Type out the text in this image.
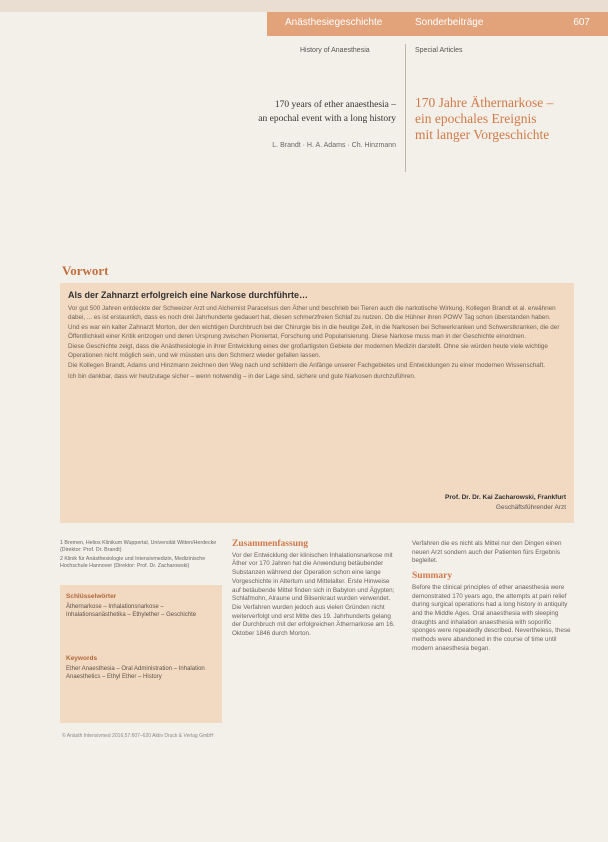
Anästhesiegeschichte	Sonderbeiträge	607
History of Anaesthesia	Special Articles
170 years of ether anaesthesia –
an epochal event with a long history
L. Brandt · H. A. Adams · Ch. Hinzmann
170 Jahre Äthernarkose –
ein epochales Ereignis
mit langer Vorgeschichte
Vorwort
Als der Zahnarzt erfolgreich eine Narkose durchführte…

Vor gut 500 Jahren entdeckte der Schweizer Arzt und Alchemist Paracelsus den Äther und beschrieb bei Tieren auch die narkotische Wirkung. Kollegen Brandt et al. erwähnen dabei, ... es ist erstaunlich, dass es noch drei Jahrhunderte gedauert hat, diesen schmerzfreien Schlaf zu nutzen. Ob die Hühner ihren POWV Tag schon überstanden haben.

Und es war ein kalter Zahnarzt Morton, der den wichtigen Durchbruch bei der Chirurgie bis in die heutige Zeit, in die Narkosen bei Schwerkranken und Schwerstkranken, die der Öffentlichkeit einer Kritik entzogen und deren Ursprung zwischen Pioniertat, Forschung und Popularisierung. Diese Narkose muss man in der Geschichte einordnen.

Diese Geschichte zeigt, dass die Anästhesiologie in ihrer Entwicklung eines der großartigsten Gebiete der modernen Medizin darstellt. Ohne sie würden heute viele wichtige Operationen nicht möglich sein, und wir müssten uns den Schmerz wieder gefallen lassen.

Die Kollegen Brandt, Adams und Hinzmann zeichnen den Weg nach und schildern die Anfänge unserer Fachgebietes und Entwicklungen zu einer modernen Wissenschaft.

Ich bin dankbar, dass wir heutzutage sicher – wenn notwendig – in der Lage sind, sichere und gute Narkosen durchzuführen.

Prof. Dr. Dr. Kai Zacharowski, Frankfurt
Geschäftsführender Arzt
1 Bremen, Helios Klinikum Wuppertal, Universität Witten/Herdecke (Direktor: Prof. Dr. Brandt)
2 Klinik für Anästhesiologie und Intensivmedizin, Medizinische Hochschule Hannover (Direktor: Prof. Dr. Zacharowski)
Schlüsselwörter
Äthernarkose – Inhalationsnarkose – Inhalationsanästhetika – Ethylether – Geschichte
Keywords
Ether Anaesthesia – Oral Administration – Inhalation Anaesthetics – Ethyl Ether – History
Zusammenfassung

Vor der Entwicklung der klinischen Inhalationsnarkose mit Äther vor 170 Jahren hat die Anwendung betäubender Substanzen während der Operation schon eine lange Vorgeschichte in Altertum und Mittelalter. Erste Hinweise auf betäubende Mittel finden sich in Babylon und Ägypten; Schlafmohn, Alraune und Bilsenkraut wurden verwendet. Die Verfahren wurden jedoch aus vielen Gründen nicht weiterverfolgt und erst Mitte des 19. Jahrhunderts gelang der Durchbruch mit der erfolgreichen Äthernarkose am 16. Oktober 1846 durch Morton.

Verfahren die es nicht als Mittel nur den Dingen einen neuen Arzt sondern auch der Patienten fürs Ergebnis begleitet.

Summary

Before the clinical principles of ether anaesthesia were demonstrated 170 years ago, the attempts at pain relief during surgical operations had a long history in antiquity and the Middle Ages. Oral anaesthesia with sleeping draughts and inhalation anaesthesia with soporific sponges were repeatedly described. Nevertheless, these methods were abandoned in the course of time until modern anaesthesia began.

© Anästh Intensivmed 2016;57:607–620 Aktiv Druck & Verlag GmbH
